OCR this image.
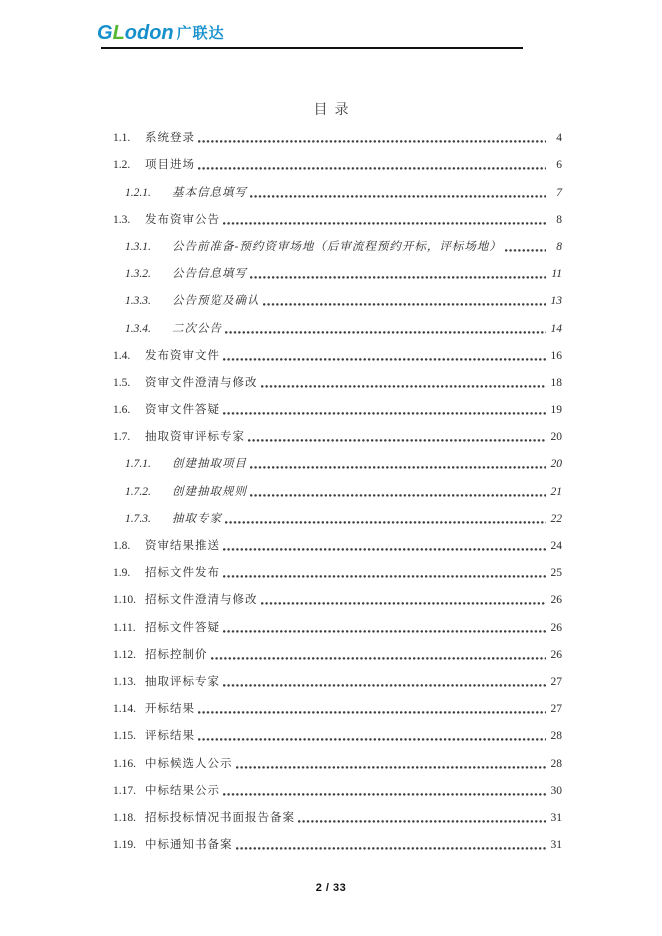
G L odon 广联达
目录
1.1.	系统登录	4
1.2.	项目进场	6
1.2.1.	基本信息填写	7
1.3.	发布资审公告	8
1.3.1.	公告前准备-预约资审场地（后审流程预约开标，评标场地）	8
1.3.2.	公告信息填写	11
1.3.3.	公告预览及确认	13
1.3.4.	二次公告	14
1.4.	发布资审文件	16
1.5.	资审文件澄清与修改	18
1.6.	资审文件答疑	19
1.7.	抽取资审评标专家	20
1.7.1.	创建抽取项目	20
1.7.2.	创建抽取规则	21
1.7.3.	抽取专家	22
1.8.	资审结果推送	24
1.9.	招标文件发布	25
1.10. 招标文件澄清与修改	26
1.11. 招标文件答疑	26
1.12. 招标控制价	26
1.13. 抽取评标专家	27
1.14. 开标结果	27
1.15. 评标结果	28
1.16. 中标候选人公示	28
1.17. 中标结果公示	30
1.18. 招标投标情况书面报告备案	31
1.19. 中标通知书备案	31
2 / 33
